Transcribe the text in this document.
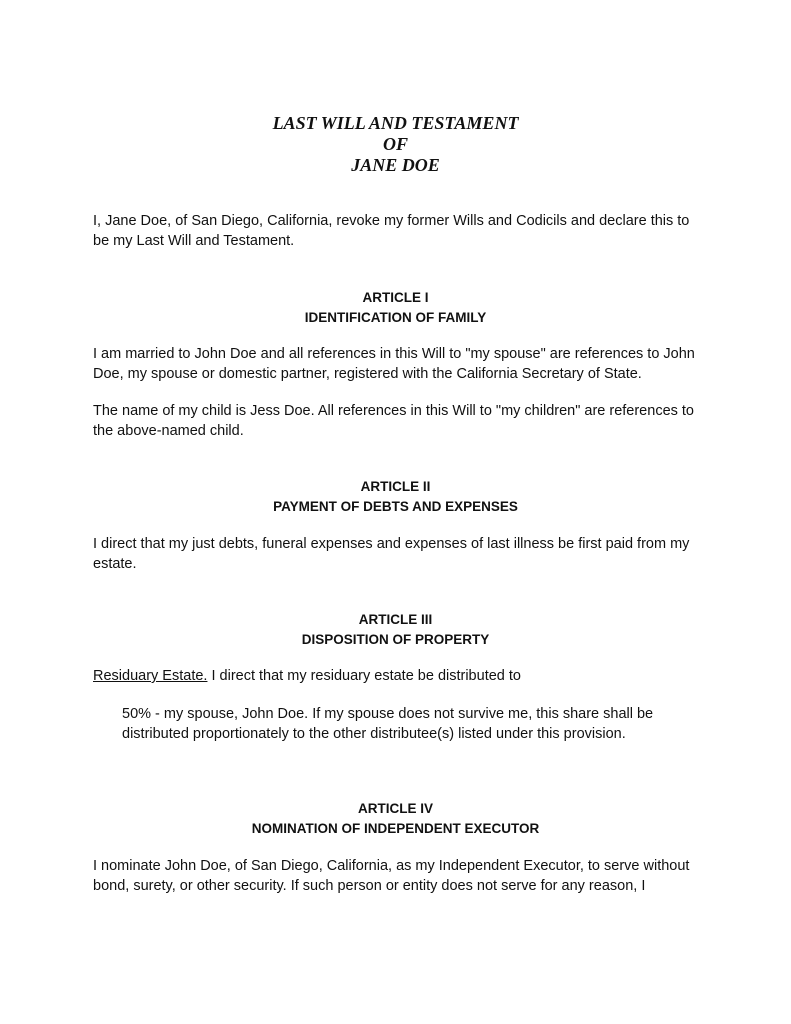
LAST WILL AND TESTAMENT
OF
JANE DOE
I, Jane Doe, of San Diego, California, revoke my former Wills and Codicils and declare this to be my Last Will and Testament.
ARTICLE I
IDENTIFICATION OF FAMILY
I am married to John Doe and all references in this Will to "my spouse" are references to John Doe, my spouse or domestic partner, registered with the California Secretary of State.
The name of my child is Jess Doe. All references in this Will to "my children" are references to the above-named child.
ARTICLE II
PAYMENT OF DEBTS AND EXPENSES
I direct that my just debts, funeral expenses and expenses of last illness be first paid from my estate.
ARTICLE III
DISPOSITION OF PROPERTY
Residuary Estate. I direct that my residuary estate be distributed to
50% - my spouse, John Doe. If my spouse does not survive me, this share shall be distributed proportionately to the other distributee(s) listed under this provision.
ARTICLE IV
NOMINATION OF INDEPENDENT EXECUTOR
I nominate John Doe, of San Diego, California, as my Independent Executor, to serve without bond, surety, or other security. If such person or entity does not serve for any reason, I
